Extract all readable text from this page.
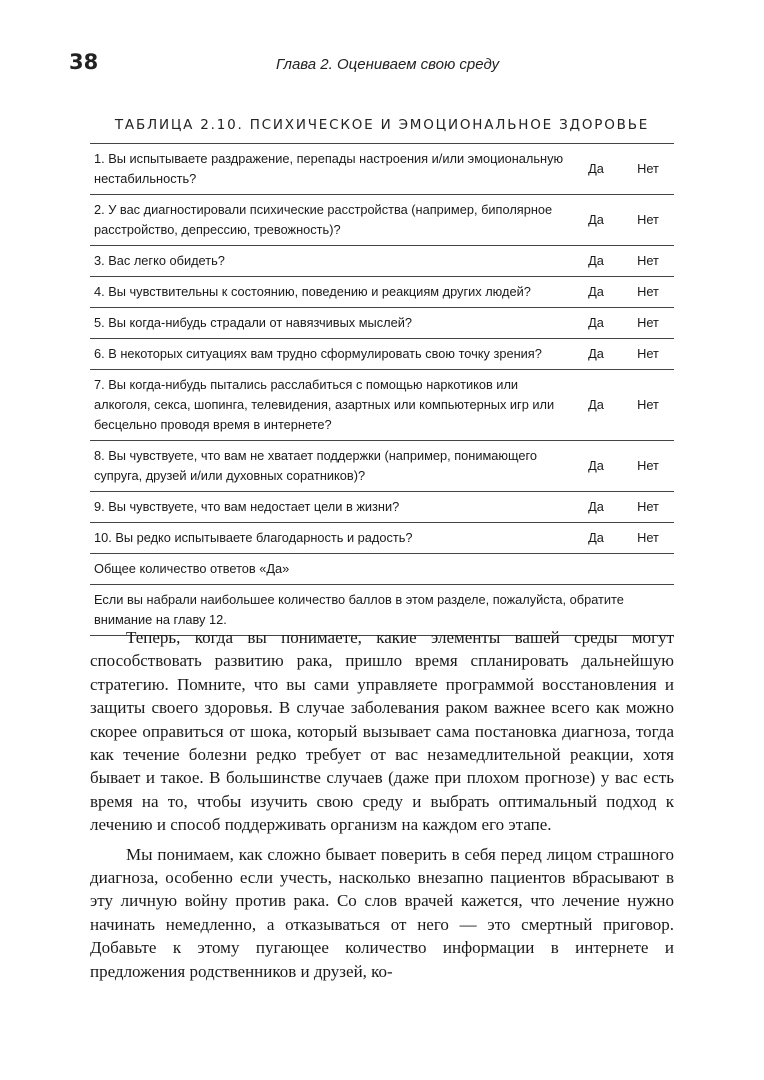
38	Глава 2. Оцениваем свою среду
ТАБЛИЦА 2.10. ПСИХИЧЕСКОЕ И ЭМОЦИОНАЛЬНОЕ ЗДОРОВЬЕ
1. Вы испытываете раздражение, перепады настроения и/или эмоциональную нестабильность?	Да	Нет
2. У вас диагностировали психические расстройства (например, биполярное расстройство, депрессию, тревожность)?	Да	Нет
3. Вас легко обидеть?	Да	Нет
4. Вы чувствительны к состоянию, поведению и реакциям других людей?	Да	Нет
5. Вы когда-нибудь страдали от навязчивых мыслей?	Да	Нет
6. В некоторых ситуациях вам трудно сформулировать свою точку зрения?	Да	Нет
7. Вы когда-нибудь пытались расслабиться с помощью наркотиков или алкоголя, секса, шопинга, телевидения, азартных или компьютерных игр или бесцельно проводя время в интернете?	Да	Нет
8. Вы чувствуете, что вам не хватает поддержки (например, понимающего супруга, друзей и/или духовных соратников)?	Да	Нет
9. Вы чувствуете, что вам недостает цели в жизни?	Да	Нет
10. Вы редко испытываете благодарность и радость?	Да	Нет
Общее количество ответов «Да»		
Если вы набрали наибольшее количество баллов в этом разделе, пожалуйста, обратите внимание на главу 12.		

Теперь, когда вы понимаете, какие элементы вашей среды могут способствовать развитию рака, пришло время спланировать дальнейшую стратегию. Помните, что вы сами управляете программой восстановления и защиты своего здоровья. В случае заболевания раком важнее всего как можно скорее оправиться от шока, который вызывает сама постановка диагноза, тогда как течение болезни редко требует от вас незамедлительной реакции, хотя бывает и такое. В большинстве случаев (даже при плохом прогнозе) у вас есть время на то, чтобы изучить свою среду и выбрать оптимальный подход к лечению и способ поддерживать организм на каждом его этапе.

Мы понимаем, как сложно бывает поверить в себя перед лицом страшного диагноза, особенно если учесть, насколько внезапно пациентов вбрасывают в эту личную войну против рака. Со слов врачей кажется, что лечение нужно начинать немедленно, а отказываться от него — это смертный приговор. Добавьте к этому пугающее количество информации в интернете и предложения родственников и друзей, ко-
